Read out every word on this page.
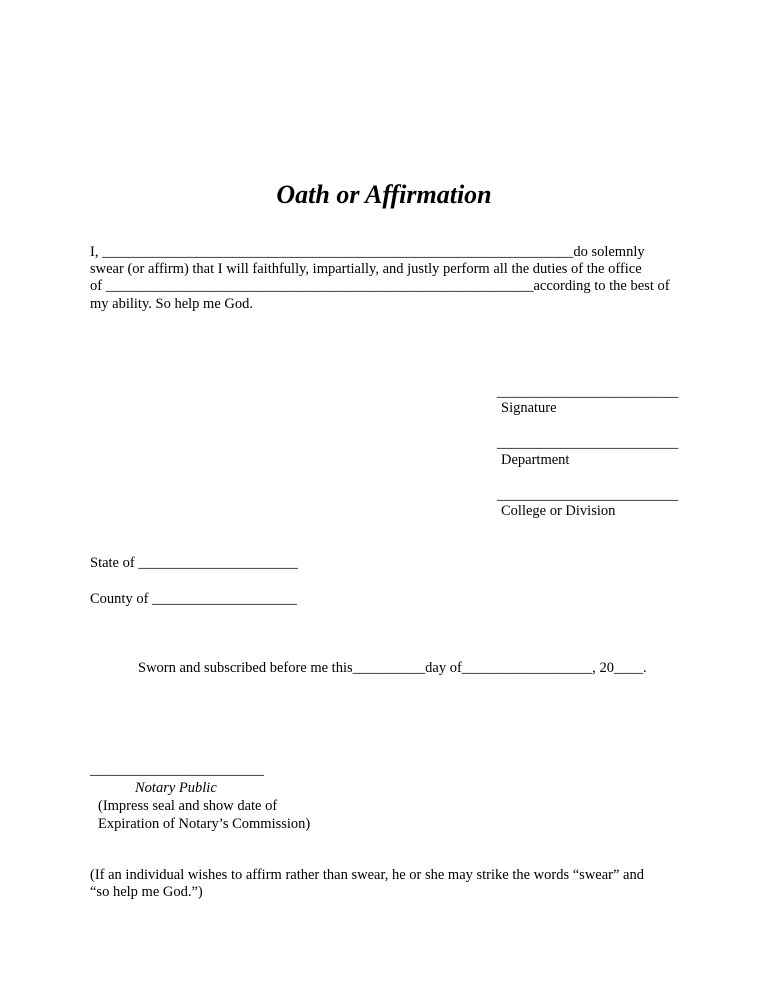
Oath or Affirmation
I, _________________________________________________________________do solemnly
swear (or affirm) that I will faithfully, impartially, and justly perform all the duties of the office
of ___________________________________________________________according to the best of
my ability. So help me God.
_________________________
Signature
_________________________
Department
_________________________
College or Division
State of ______________________
County of ____________________
Sworn and subscribed before me this__________day of__________________, 20____.
________________________
Notary Public
(Impress seal and show date of
Expiration of Notary’s Commission)
(If an individual wishes to affirm rather than swear, he or she may strike the words “swear” and
“so help me God.”)
